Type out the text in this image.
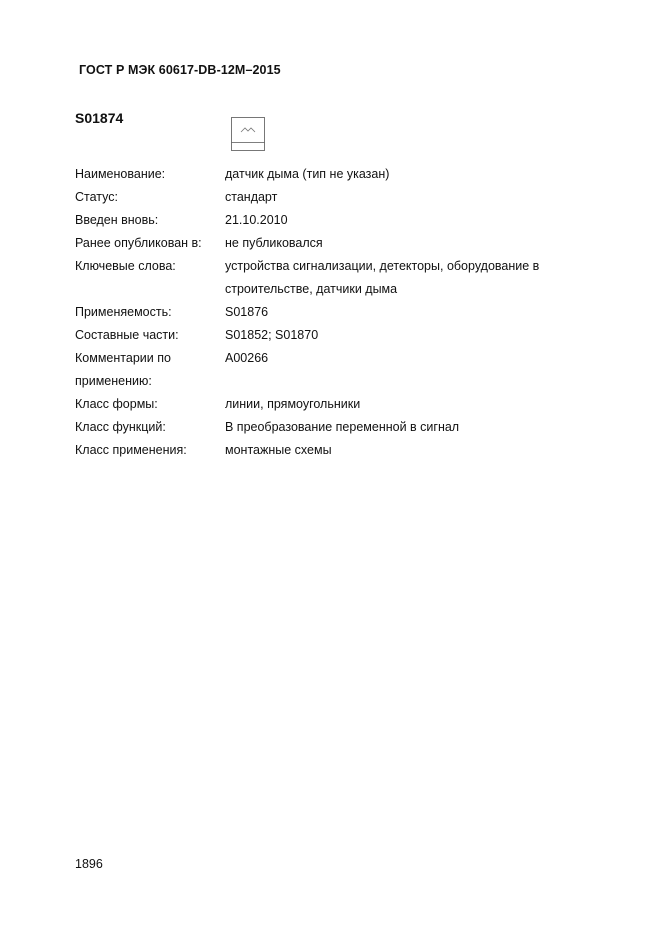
ГОСТ Р МЭК 60617-DB-12M–2015
S01874
Наименование:	датчик дыма (тип не указан)
Статус:	стандарт
Введен вновь:	21.10.2010
Ранее опубликован в:	не публиковался
Ключевые слова:	устройства сигнализации, детекторы, оборудование в строительстве, датчики дыма
Применяемость:	S01876
Составные части:	S01852; S01870
Комментарии по применению:
A00266
Класс формы:	линии, прямоугольники
Класс функций:	В преобразование переменной в сигнал
Класс применения:	монтажные схемы
1896
